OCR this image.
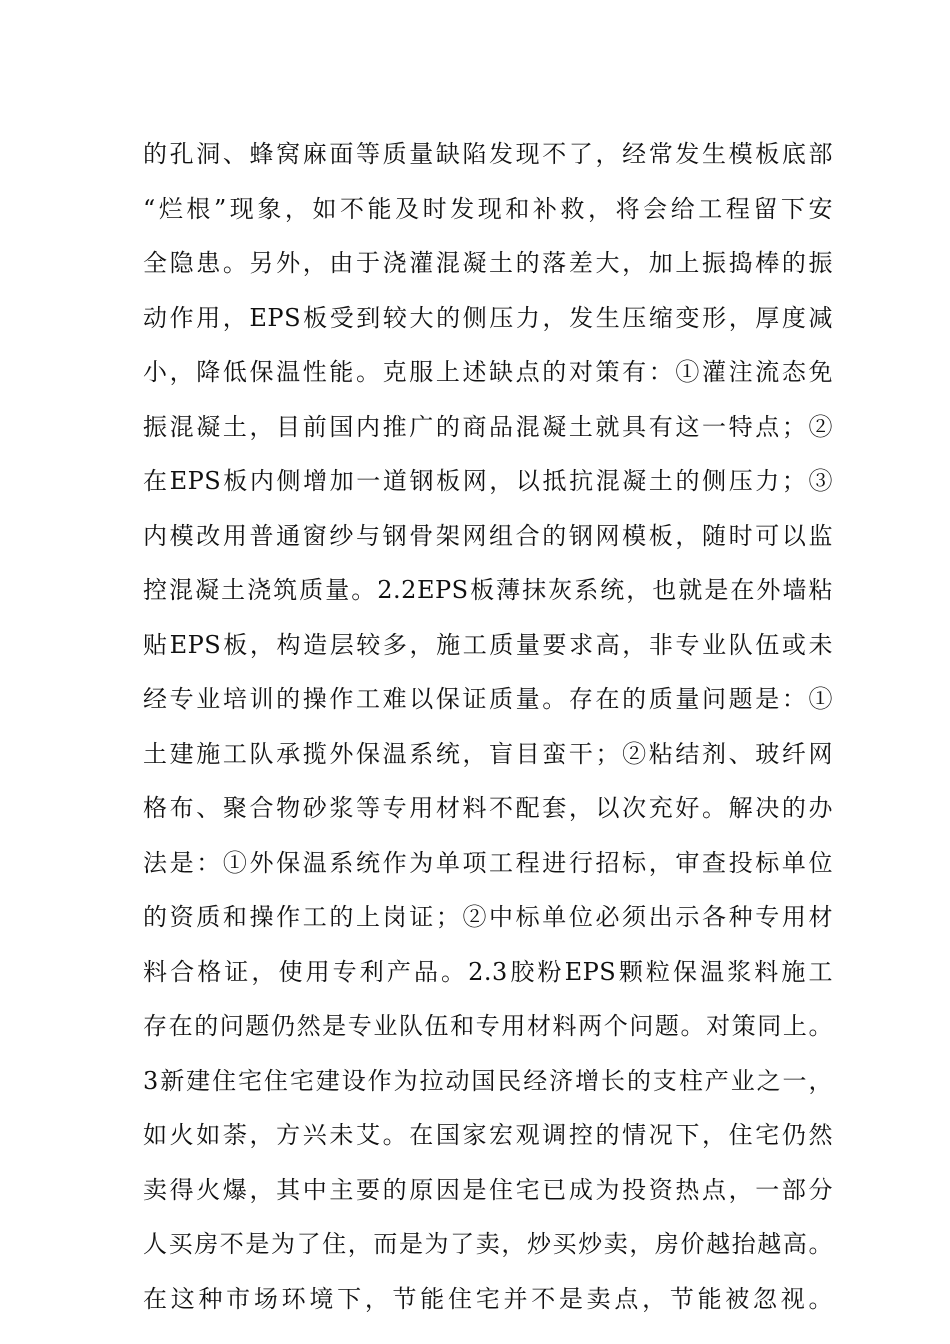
的孔洞、蜂窝麻面等质量缺陷发现不了，经常发生模板底部
“烂根”现象，如不能及时发现和补救，将会给工程留下安
全隐患。另外，由于浇灌混凝土的落差大，加上振捣棒的振
动作用，EPS板受到较大的侧压力，发生压缩变形，厚度减
小，降低保温性能。克服上述缺点的对策有：①灌注流态免
振混凝土，目前国内推广的商品混凝土就具有这一特点；②
在EPS板内侧增加一道钢板网，以抵抗混凝土的侧压力；③
内模改用普通窗纱与钢骨架网组合的钢网模板，随时可以监
控混凝土浇筑质量。2.2EPS板薄抹灰系统，也就是在外墙粘
贴EPS板，构造层较多，施工质量要求高，非专业队伍或未
经专业培训的操作工难以保证质量。存在的质量问题是：①
土建施工队承揽外保温系统，盲目蛮干；②粘结剂、玻纤网
格布、聚合物砂浆等专用材料不配套，以次充好。解决的办
法是：①外保温系统作为单项工程进行招标，审查投标单位
的资质和操作工的上岗证；②中标单位必须出示各种专用材
料合格证，使用专利产品。2.3胶粉EPS颗粒保温浆料施工
存在的问题仍然是专业队伍和专用材料两个问题。对策同上。
3新建住宅住宅建设作为拉动国民经济增长的支柱产业之一，
如火如荼，方兴未艾。在国家宏观调控的情况下，住宅仍然
卖得火爆，其中主要的原因是住宅已成为投资热点，一部分
人买房不是为了住，而是为了卖，炒买炒卖，房价越抬越高。
在这种市场环境下，节能住宅并不是卖点，节能被忽视。
